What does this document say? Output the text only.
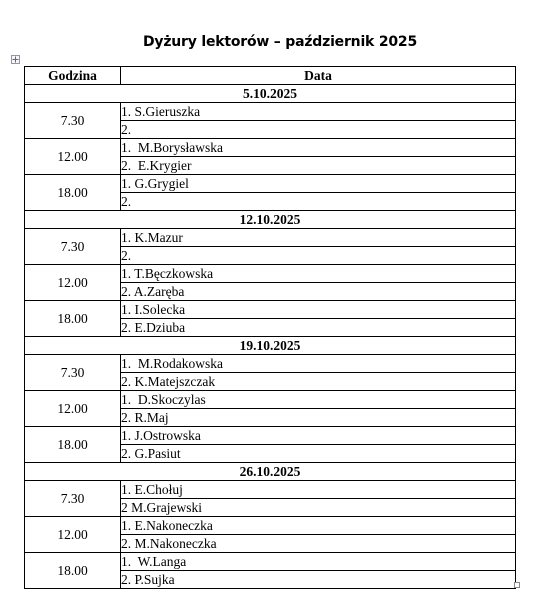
Dyżury lektorów – październik 2025
Godzina	Data
5.10.2025	
7.30	1. S.Gieruszka
	2.
12.00	1.  M.Borysławska
	2.  E.Krygier
18.00	1. G.Grygiel
	2.
12.10.2025	
7.30	1. K.Mazur
	2.
12.00	1. T.Bęczkowska
	2. A.Zaręba
18.00	1. I.Solecka
	2. E.Dziuba
19.10.2025	
7.30	1.  M.Rodakowska
	2. K.Matejszczak
12.00	1.  D.Skoczylas
	2. R.Maj
18.00	1. J.Ostrowska
	2. G.Pasiut
26.10.2025	
7.30	1. E.Chołuj
	2 M.Grajewski
12.00	1. E.Nakoneczka
	2. M.Nakoneczka
18.00	1.  W.Langa
	2. P.Sujka
